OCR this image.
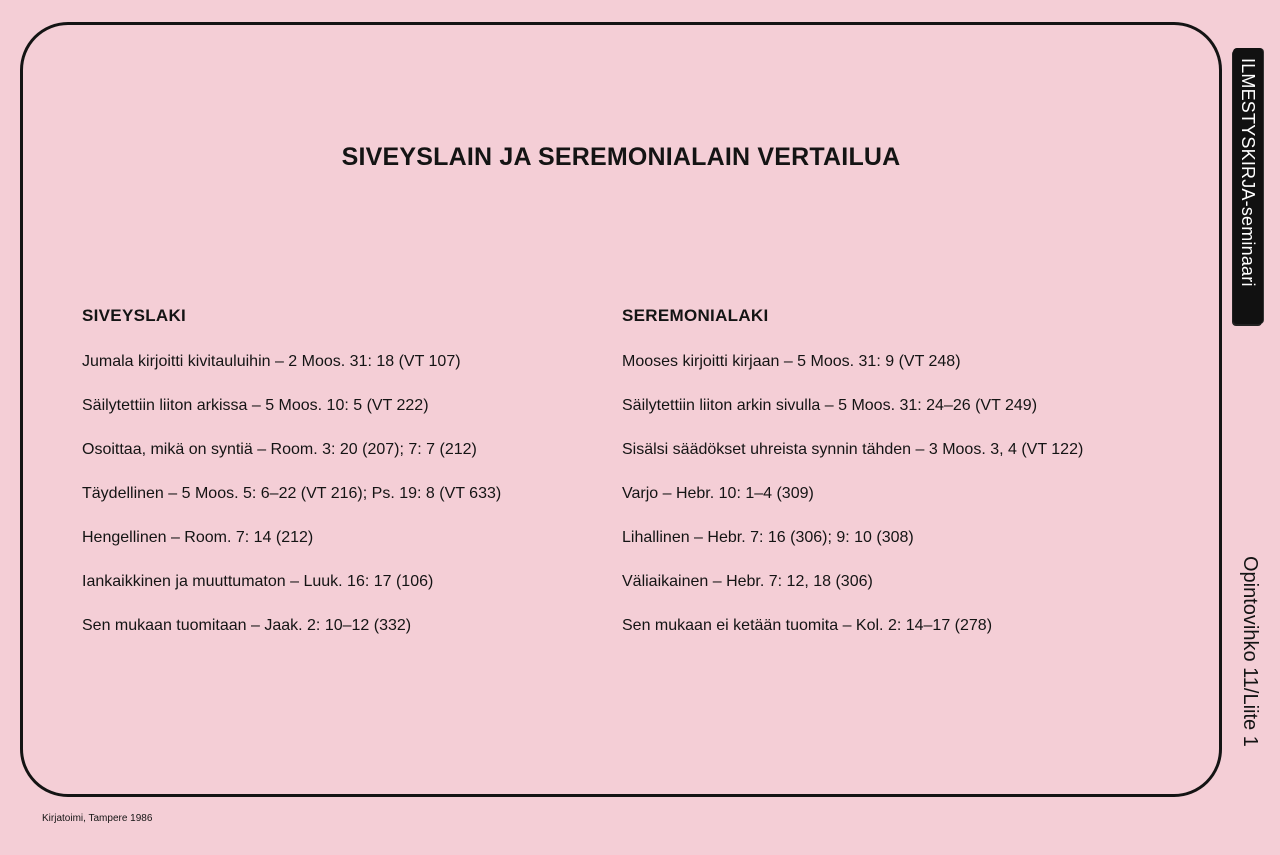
SIVEYSLAIN JA SEREMONIALAIN VERTAILUA
SIVEYSLAKI
Jumala kirjoitti kivitauluihin – 2 Moos. 31: 18 (VT 107)
Säilytettiin liiton arkissa – 5 Moos. 10: 5 (VT 222)
Osoittaa, mikä on syntiä – Room. 3: 20 (207); 7: 7 (212)
Täydellinen – 5 Moos. 5: 6–22 (VT 216); Ps. 19: 8 (VT 633)
Hengellinen – Room. 7: 14 (212)
Iankaikkinen ja muuttumaton – Luuk. 16: 17 (106)
Sen mukaan tuomitaan – Jaak. 2: 10–12 (332)
SEREMONIALAKI
Mooses kirjoitti kirjaan – 5 Moos. 31: 9 (VT 248)
Säilytettiin liiton arkin sivulla – 5 Moos. 31: 24–26 (VT 249)
Sisälsi säädökset uhreista synnin tähden – 3 Moos. 3, 4 (VT 122)
Varjo – Hebr. 10: 1–4 (309)
Lihallinen – Hebr. 7: 16 (306); 9: 10 (308)
Väliaikainen – Hebr. 7: 12, 18 (306)
Sen mukaan ei ketään tuomita – Kol. 2: 14–17 (278)
ILMESTYSKIRJA-seminaari
Opintovihko 11/Liite 1
Kirjatoimi, Tampere 1986
